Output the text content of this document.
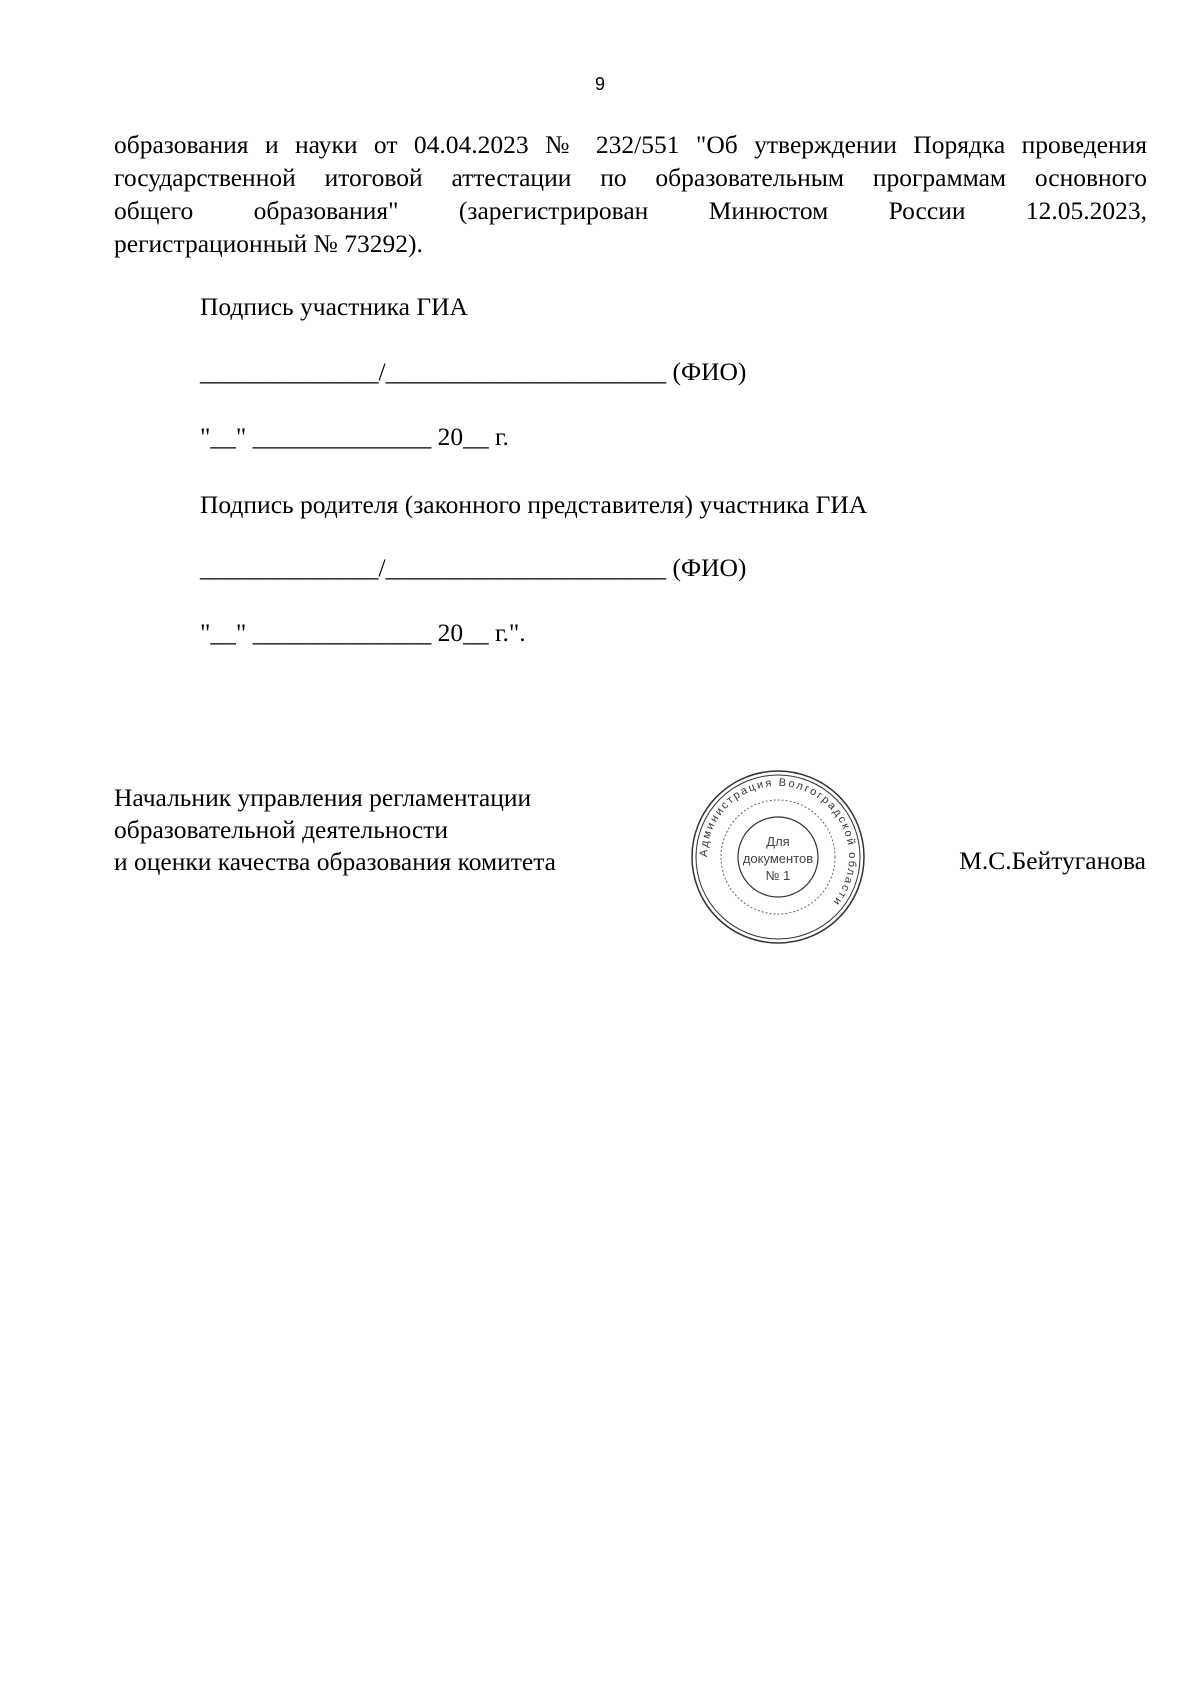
9
образования и науки от 04.04.2023 № 232/551 "Об утверждении Порядка проведения
государственной итоговой аттестации по образовательным программам основного
общего образования" (зарегистрирован Минюстом России 12.05.2023,
регистрационный № 73292).
Подпись участника ГИА
______________/______________________ (ФИО)
"__" ______________ 20__ г.
Подпись родителя (законного представителя) участника ГИА
______________/______________________ (ФИО)
"__" ______________ 20__ г.".
Начальник управления регламентации
образовательной деятельности
и оценки качества образования комитета	Администрация Волгоградской области
Для
документов
№ 1
М.С.Бейтуганова
